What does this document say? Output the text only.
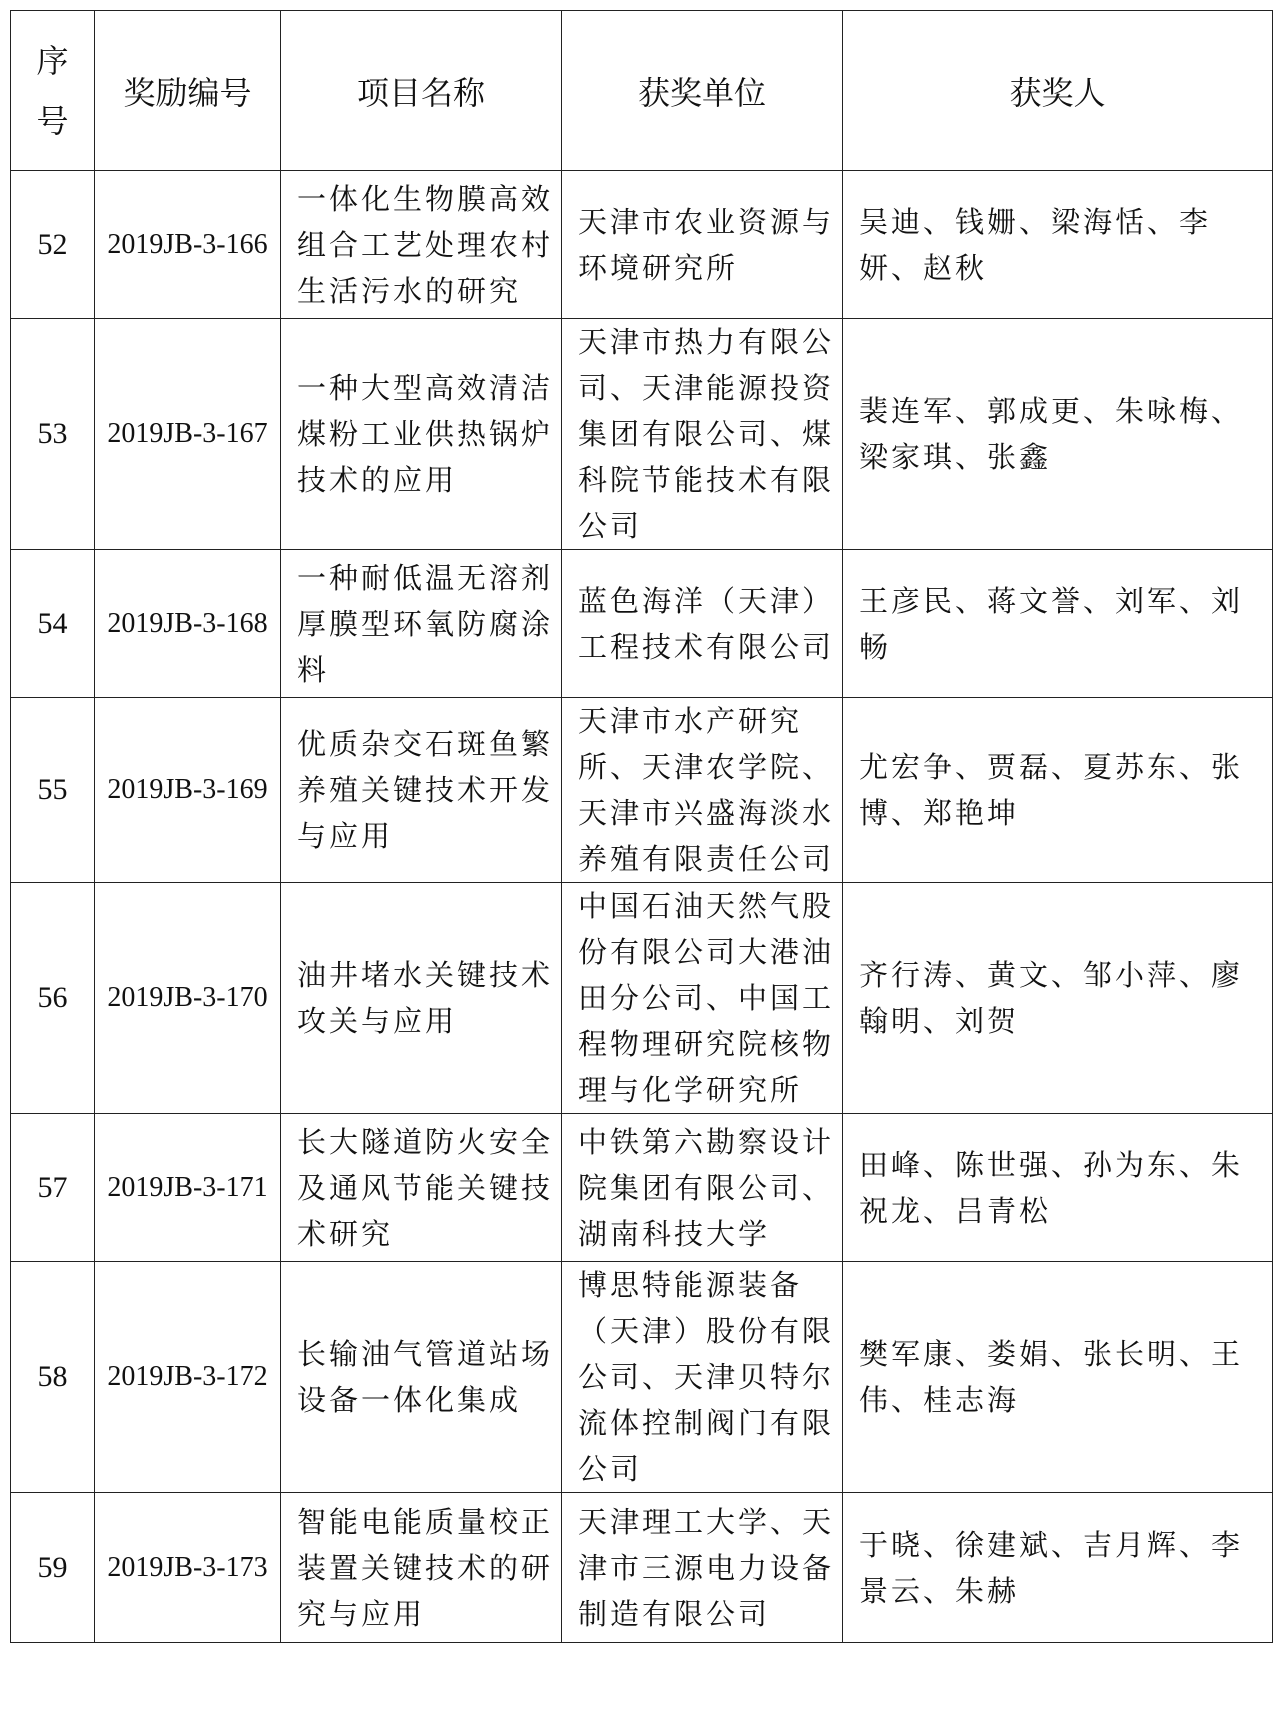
序
号	奖励编号	项目名称	获奖单位	获奖人
52	2019JB-3-166	一体化生物膜高效组合工艺处理农村生活污水的研究	天津市农业资源与环境研究所	吴迪、钱姗、梁海恬、李妍、赵秋
53	2019JB-3-167	一种大型高效清洁煤粉工业供热锅炉技术的应用	天津市热力有限公司、天津能源投资集团有限公司、煤科院节能技术有限公司	裴连军、郭成更、朱咏梅、梁家琪、张鑫
54	2019JB-3-168	一种耐低温无溶剂厚膜型环氧防腐涂料	蓝色海洋（天津）工程技术有限公司	王彦民、蒋文誉、刘军、刘畅
55	2019JB-3-169	优质杂交石斑鱼繁养殖关键技术开发与应用	天津市水产研究所、天津农学院、天津市兴盛海淡水养殖有限责任公司	尤宏争、贾磊、夏苏东、张博、郑艳坤
56	2019JB-3-170	油井堵水关键技术攻关与应用	中国石油天然气股份有限公司大港油田分公司、中国工程物理研究院核物理与化学研究所	齐行涛、黄文、邹小萍、廖翰明、刘贺
57	2019JB-3-171	长大隧道防火安全及通风节能关键技术研究	中铁第六勘察设计院集团有限公司、湖南科技大学	田峰、陈世强、孙为东、朱祝龙、吕青松
58	2019JB-3-172	长输油气管道站场设备一体化集成	博思特能源装备（天津）股份有限公司、天津贝特尔流体控制阀门有限公司	樊军康、娄娟、张长明、王伟、桂志海
59	2019JB-3-173	智能电能质量校正装置关键技术的研究与应用	天津理工大学、天津市三源电力设备制造有限公司	于晓、徐建斌、吉月辉、李景云、朱赫
